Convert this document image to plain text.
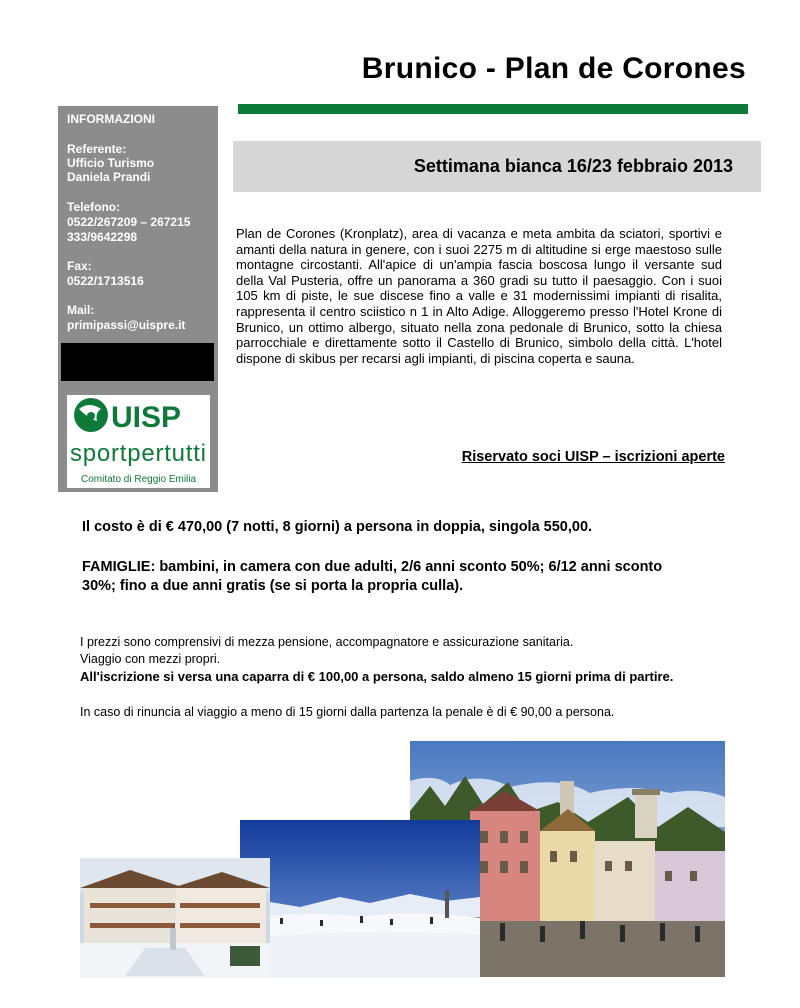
Brunico - Plan de Corones
INFORMAZIONI
Referente:
Ufficio Turismo
Daniela Prandi
Telefono:
0522/267209 – 267215
333/9642298
Fax:
0522/1713516
Mail:
primipassi@uispre.it
UISP
sportpertutti
Comitato di Reggio Emilia
Settimana bianca 16/23 febbraio 2013
Plan de Corones (Kronplatz), area di vacanza e meta ambita da sciatori, sportivi e amanti della natura in genere, con i suoi 2275 m di altitudine si erge maestoso sulle montagne circostanti. All'apice di un'ampia fascia boscosa lungo il versante sud della Val Pusteria, offre un panorama a 360 gradi su tutto il paesaggio. Con i suoi 105 km di piste, le sue discese fino a valle e 31 modernissimi impianti di risalita, rappresenta il centro sciistico n 1 in Alto Adige. Alloggeremo presso l'Hotel Krone di Brunico, un ottimo albergo, situato nella zona pedonale di Brunico, sotto la chiesa parrocchiale e direttamente sotto il Castello di Brunico, simbolo della città. L'hotel dispone di skibus per recarsi agli impianti, di piscina coperta e sauna.
Riservato soci UISP – iscrizioni aperte
Il costo è di € 470,00 (7 notti, 8 giorni) a persona in doppia, singola 550,00.
FAMIGLIE: bambini, in camera con due adulti, 2/6 anni sconto 50%; 6/12 anni sconto 30%; fino a due anni gratis (se si porta la propria culla).
I prezzi sono comprensivi di mezza pensione, accompagnatore e assicurazione sanitaria.
Viaggio con mezzi propri.
All'iscrizione si versa una caparra di € 100,00 a persona, saldo almeno 15 giorni prima di partire.
In caso di rinuncia al viaggio a meno di 15 giorni dalla partenza la penale è di € 90,00 a persona.
